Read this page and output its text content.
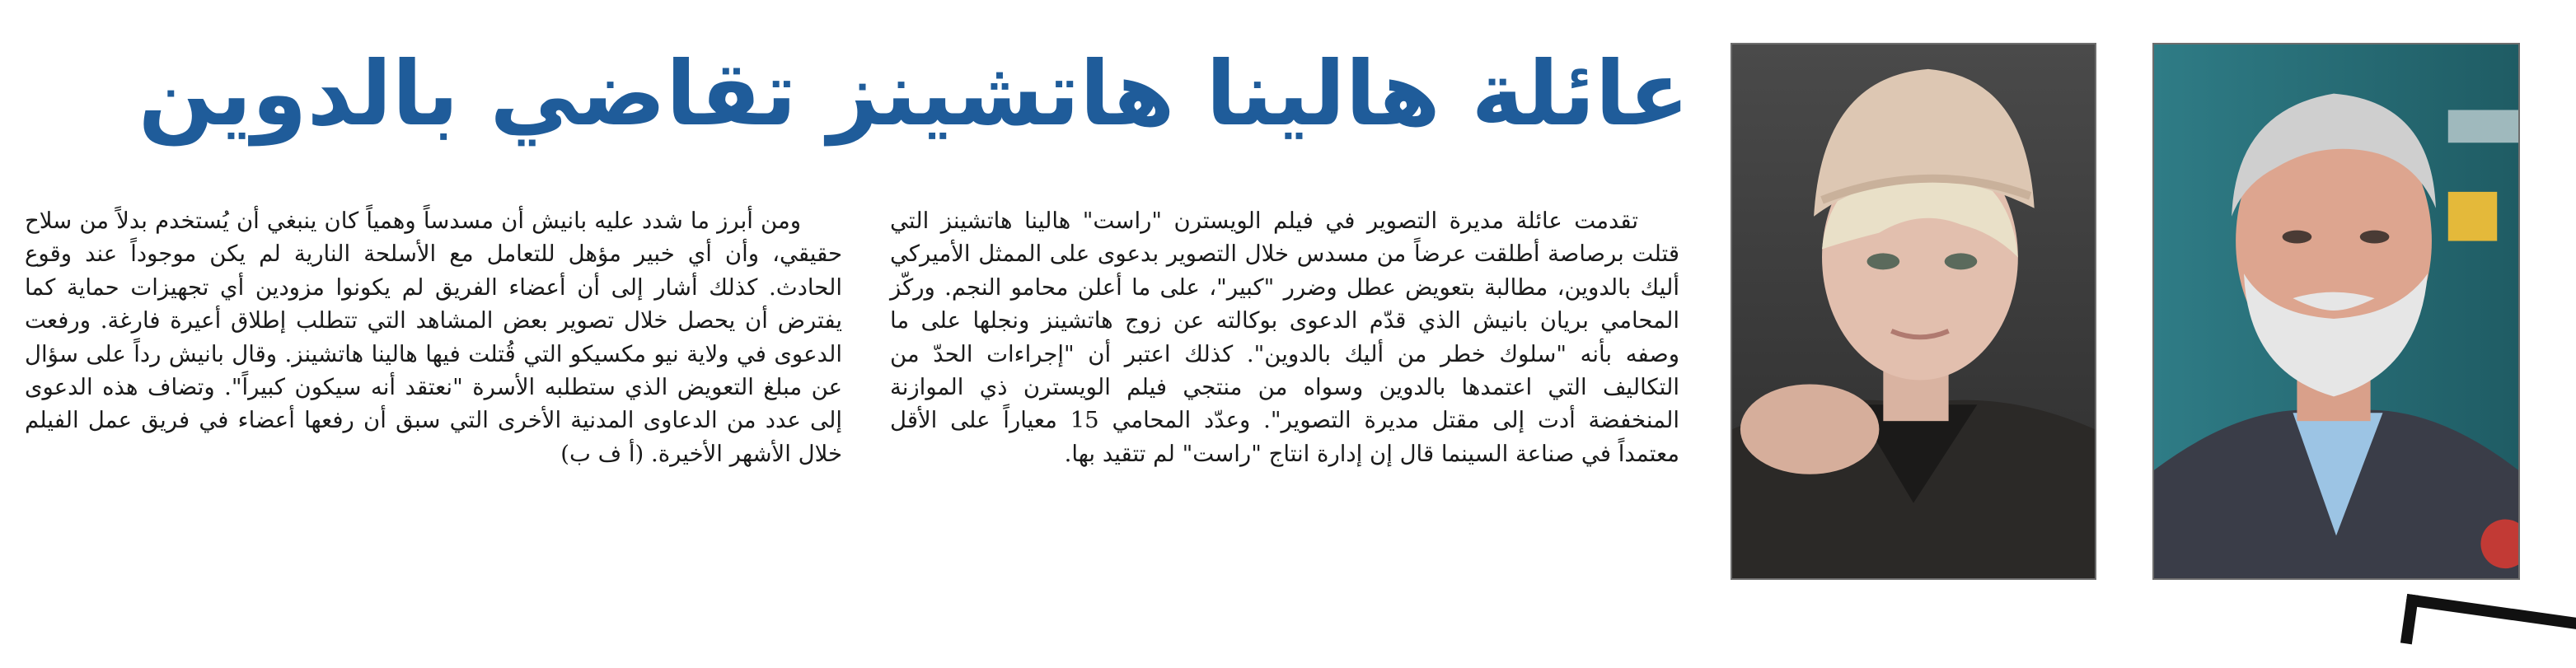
عائلة هالينا هاتشينز تقاضي بالدوين

تقدمت عائلة مديرة التصوير في فيلم الويسترن "راست" هالينا هاتشينز التي قتلت برصاصة أطلقت عرضاً من مسدس خلال التصوير بدعوى على الممثل الأميركي أليك بالدوين، مطالبة بتعويض عطل وضرر "كبير"، على ما أعلن محامو النجم. وركّز المحامي بريان بانيش الذي قدّم الدعوى بوكالته عن زوج هاتشينز ونجلها على ما وصفه بأنه "سلوك خطر من أليك بالدوين". كذلك اعتبر أن "إجراءات الحدّ من التكاليف التي اعتمدها بالدوين وسواه من منتجي فيلم الويسترن ذي الموازنة المنخفضة أدت إلى مقتل مديرة التصوير". وعدّد المحامي 15 معياراً على الأقل معتمداً في صناعة السينما قال إن إدارة انتاج "راست" لم تتقيد بها.

ومن أبرز ما شدد عليه بانيش أن مسدساً وهمياً كان ينبغي أن يُستخدم بدلاً من سلاح حقيقي، وأن أي خبير مؤهل للتعامل مع الأسلحة النارية لم يكن موجوداً عند وقوع الحادث. كذلك أشار إلى أن أعضاء الفريق لم يكونوا مزودين أي تجهيزات حماية كما يفترض أن يحصل خلال تصوير بعض المشاهد التي تتطلب إطلاق أعيرة فارغة. ورفعت الدعوى في ولاية نيو مكسيكو التي قُتلت فيها هالينا هاتشينز. وقال بانيش رداً على سؤال عن مبلغ التعويض الذي ستطلبه الأسرة "نعتقد أنه سيكون كبيراً". وتضاف هذه الدعوى إلى عدد من الدعاوى المدنية الأخرى التي سبق أن رفعها أعضاء في فريق عمل الفيلم خلال الأشهر الأخيرة. (أ ف ب)
